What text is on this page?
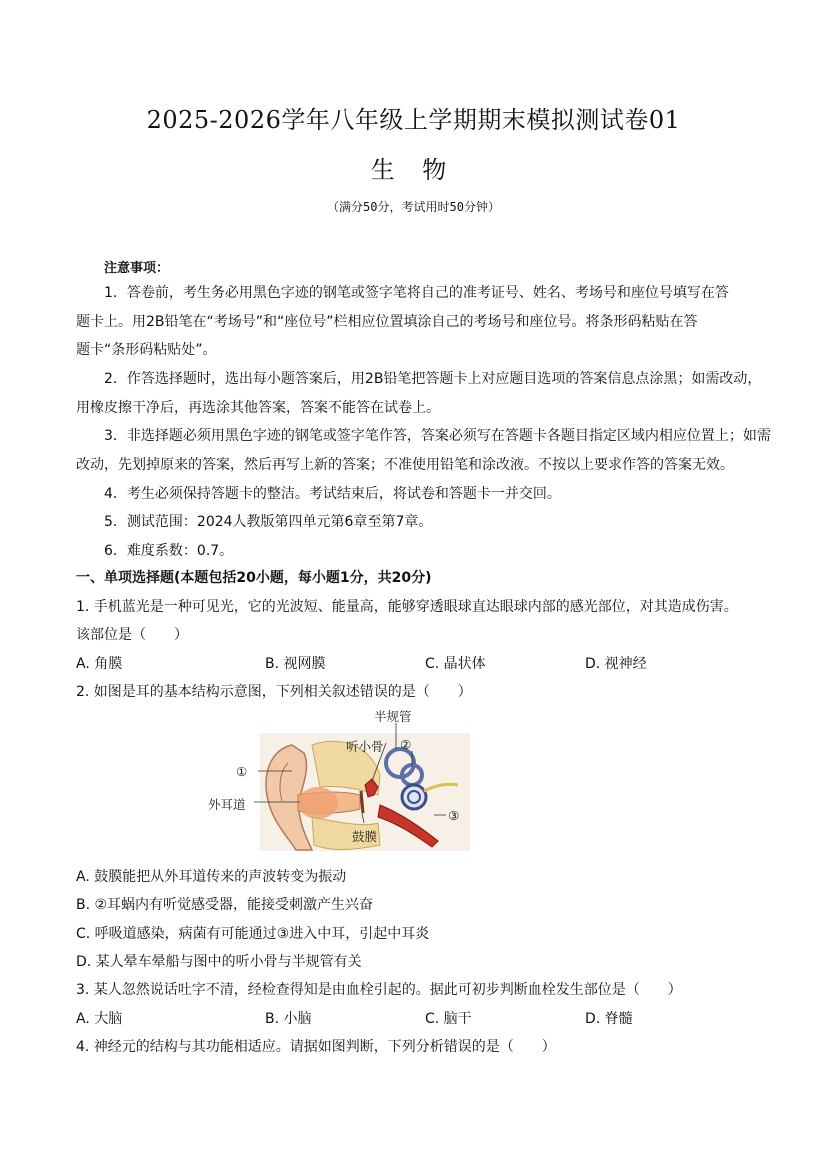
2025-2026学年八年级上学期期末模拟测试卷01
生 物
（满分50分，考试用时50分钟）
注意事项：
1．答卷前，考生务必用黑色字迹的钢笔或签字笔将自己的准考证号、姓名、考场号和座位号填写在答
题卡上。用2B铅笔在“考场号”和“座位号”栏相应位置填涂自己的考场号和座位号。将条形码粘贴在答
题卡“条形码粘贴处”。
2．作答选择题时，选出每小题答案后，用2B铅笔把答题卡上对应题目选项的答案信息点涂黑；如需改动，
用橡皮擦干净后，再选涂其他答案，答案不能答在试卷上。
3．非选择题必须用黑色字迹的钢笔或签字笔作答，答案必须写在答题卡各题目指定区域内相应位置上；如需
改动，先划掉原来的答案，然后再写上新的答案；不准使用铅笔和涂改液。不按以上要求作答的答案无效。
4．考生必须保持答题卡的整洁。考试结束后，将试卷和答题卡一并交回。
5．测试范围：2024人教版第四单元第6章至第7章。
6．难度系数：0.7。
一、单项选择题(本题包括20小题，每小题1分，共20分)
1. 手机蓝光是一种可见光，它的光波短、能量高，能够穿透眼球直达眼球内部的感光部位，对其造成伤害。
该部位是（　　）
A. 角膜	B. 视网膜	C. 晶状体	D. 视神经
2. 如图是耳的基本结构示意图，下列相关叙述错误的是（　　）
半规管
听小骨 ②
①
外耳道
③
鼓膜
A. 鼓膜能把从外耳道传来的声波转变为振动
B. ②耳蜗内有听觉感受器，能接受刺激产生兴奋
C. 呼吸道感染，病菌有可能通过③进入中耳，引起中耳炎
D. 某人晕车晕船与图中的听小骨与半规管有关
3. 某人忽然说话吐字不清，经检查得知是由血栓引起的。据此可初步判断血栓发生部位是（　　）
A. 大脑	B. 小脑	C. 脑干	D. 脊髓
4. 神经元的结构与其功能相适应。请据如图判断，下列分析错误的是（　　）
